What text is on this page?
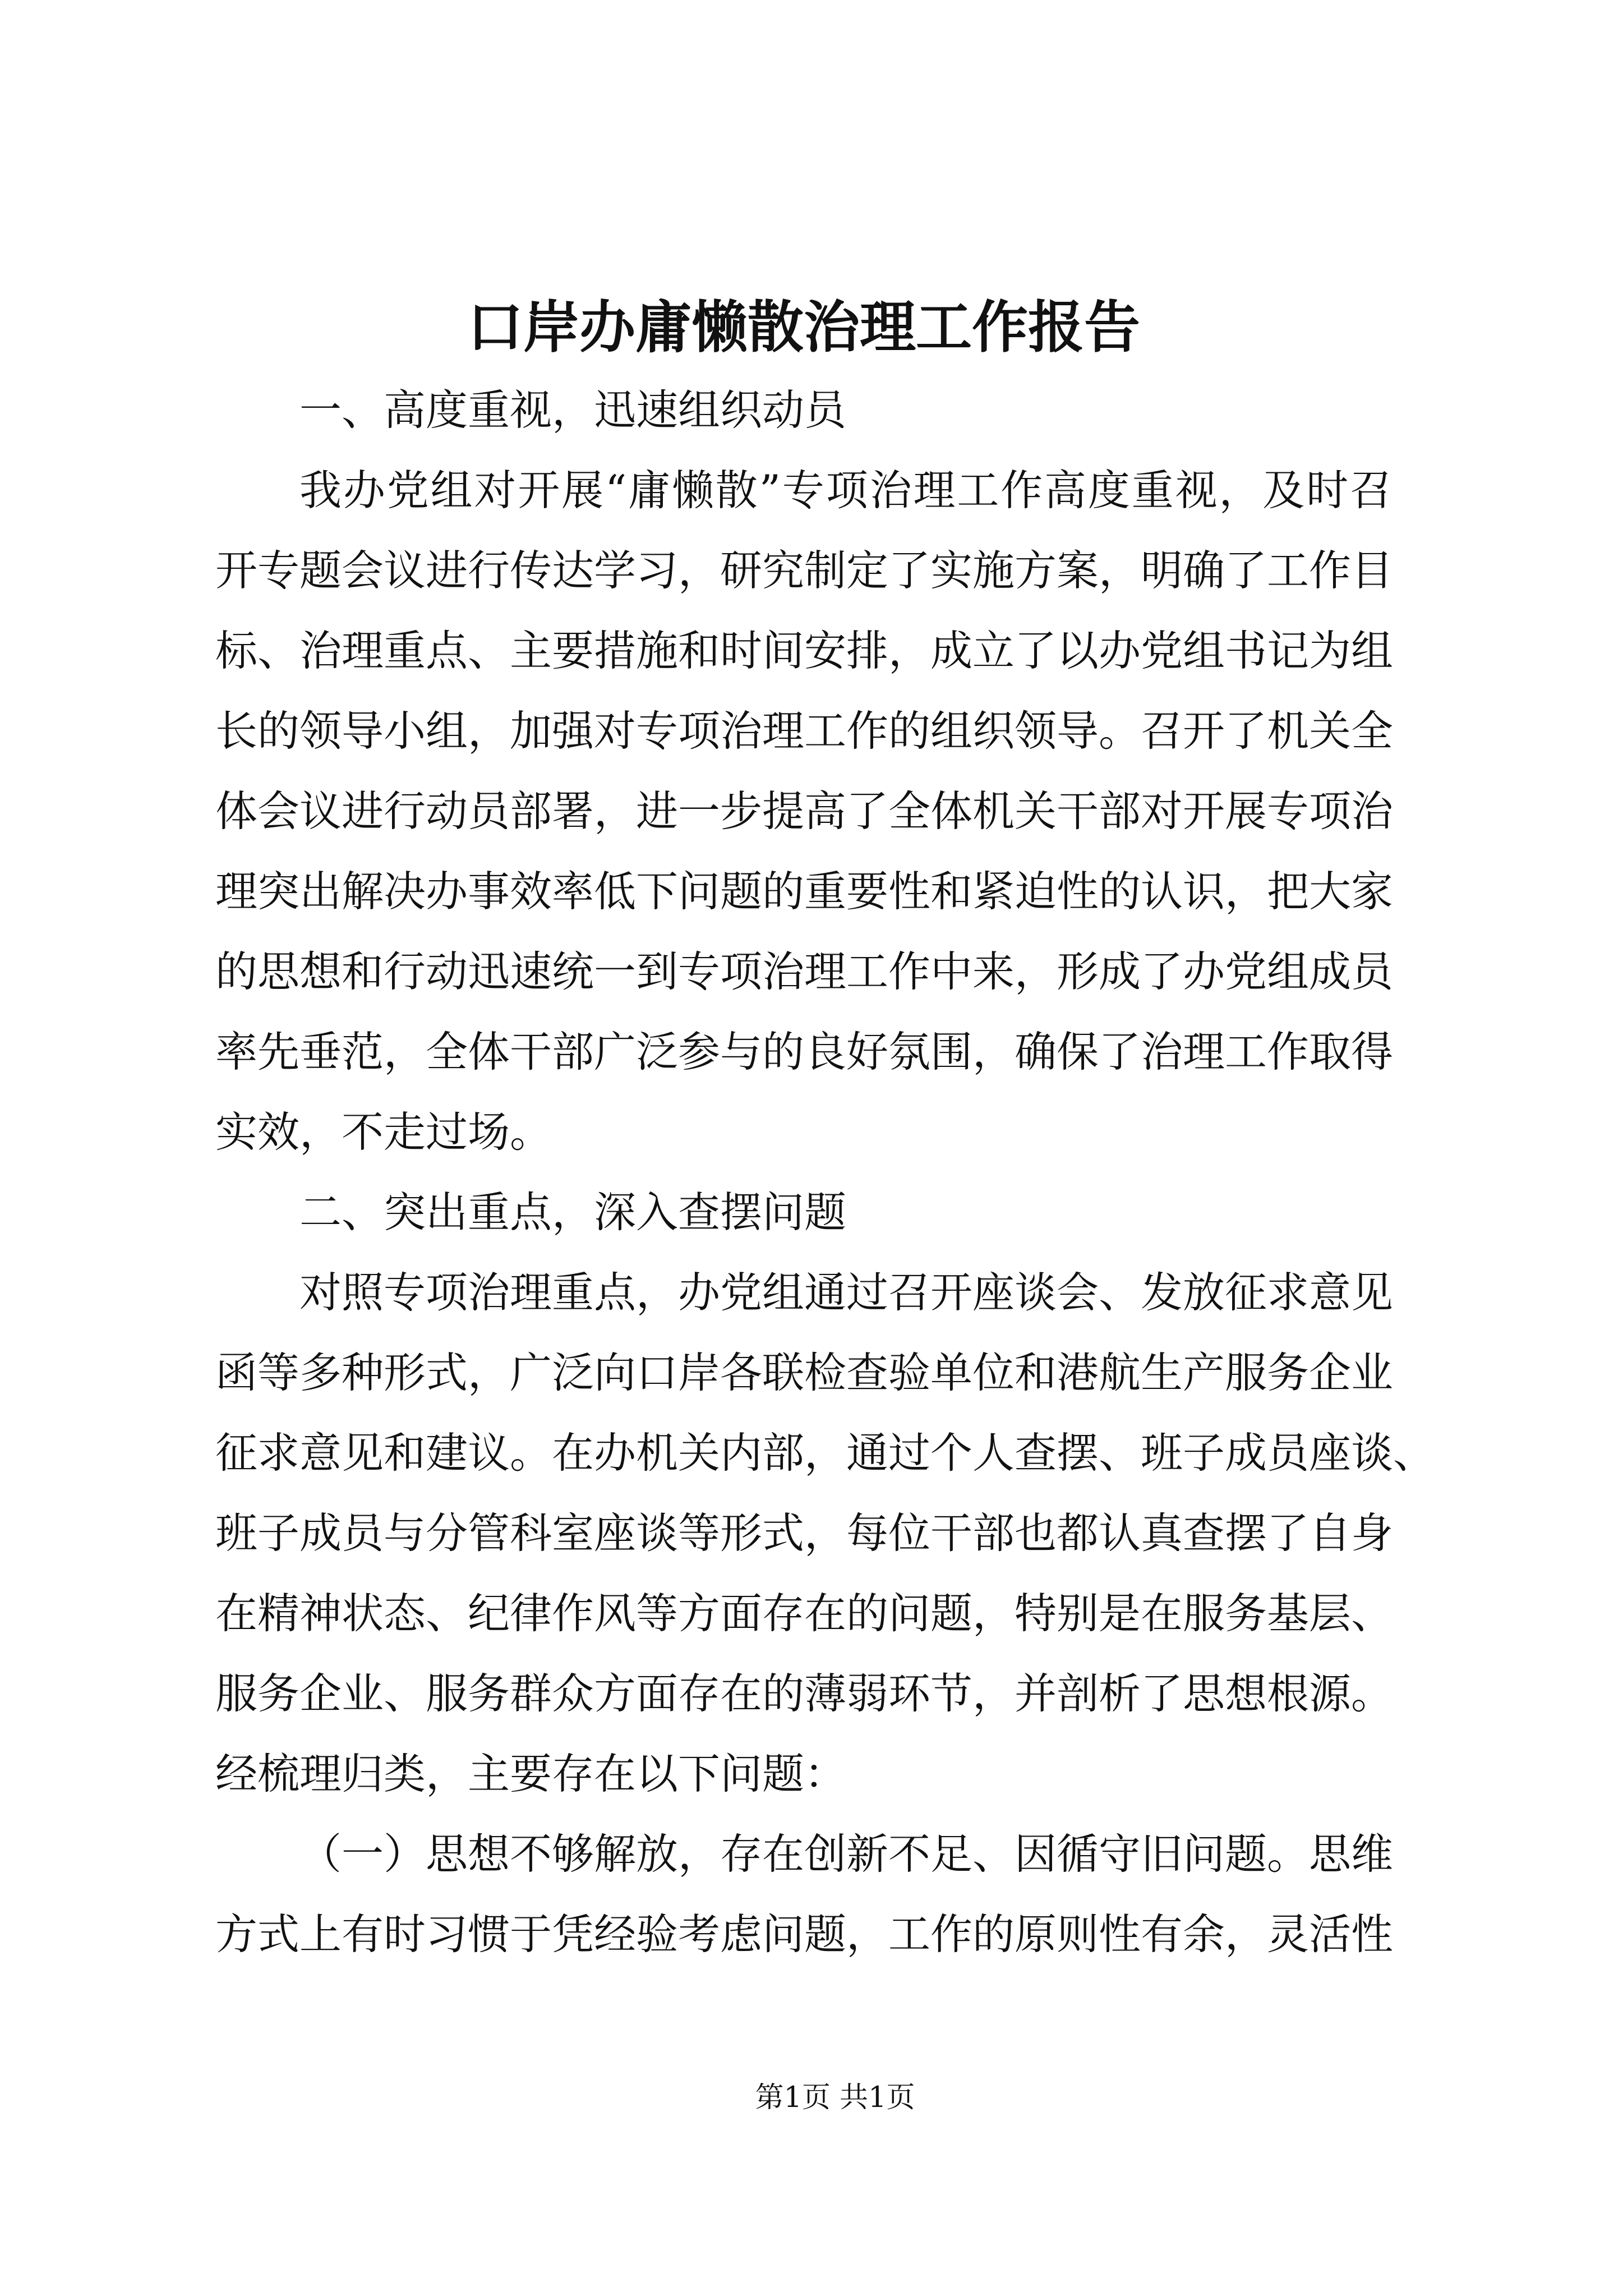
口岸办庸懒散治理工作报告
一、高度重视，迅速组织动员
我办党组对开展“庸懒散”专项治理工作高度重视，及时召
开专题会议进行传达学习，研究制定了实施方案，明确了工作目
标、治理重点、主要措施和时间安排，成立了以办党组书记为组
长的领导小组，加强对专项治理工作的组织领导。召开了机关全
体会议进行动员部署，进一步提高了全体机关干部对开展专项治
理突出解决办事效率低下问题的重要性和紧迫性的认识，把大家
的思想和行动迅速统一到专项治理工作中来，形成了办党组成员
率先垂范，全体干部广泛参与的良好氛围，确保了治理工作取得
实效，不走过场。
二、突出重点，深入查摆问题
对照专项治理重点，办党组通过召开座谈会、发放征求意见
函等多种形式，广泛向口岸各联检查验单位和港航生产服务企业
征求意见和建议。在办机关内部，通过个人查摆、班子成员座谈、
班子成员与分管科室座谈等形式，每位干部也都认真查摆了自身
在精神状态、纪律作风等方面存在的问题，特别是在服务基层、
服务企业、服务群众方面存在的薄弱环节，并剖析了思想根源。
经梳理归类，主要存在以下问题：
（一）思想不够解放，存在创新不足、因循守旧问题。思维
方式上有时习惯于凭经验考虑问题，工作的原则性有余，灵活性
第1页 共1页
